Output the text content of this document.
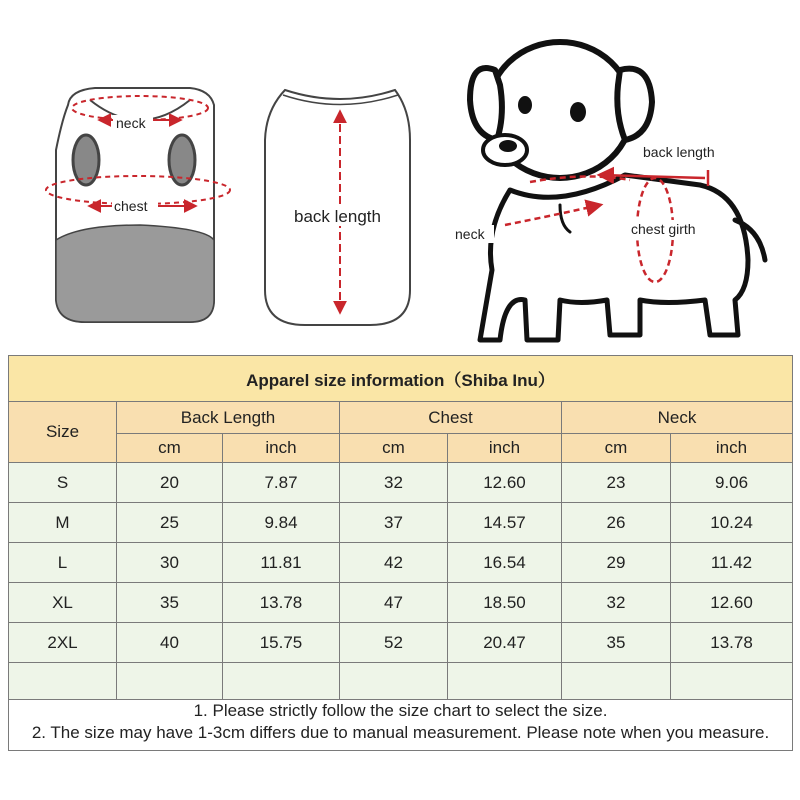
neck
chest
back length
back length
neck	chest girth
Apparel size information（Shiba Inu）						
Size	Back Length		Chest		Neck	
	cm	inch	cm	inch	cm	inch
S	20	7.87	32	12.60	23	9.06
M	25	9.84	37	14.57	26	10.24
L	30	11.81	42	16.54	29	11.42
XL	35	13.78	47	18.50	32	12.60
2XL	40	15.75	52	20.47	35	13.78

1. Please strictly follow the size chart to select the size.
2. The size may have 1-3cm differs due to manual measurement. Please note when you measure.						
